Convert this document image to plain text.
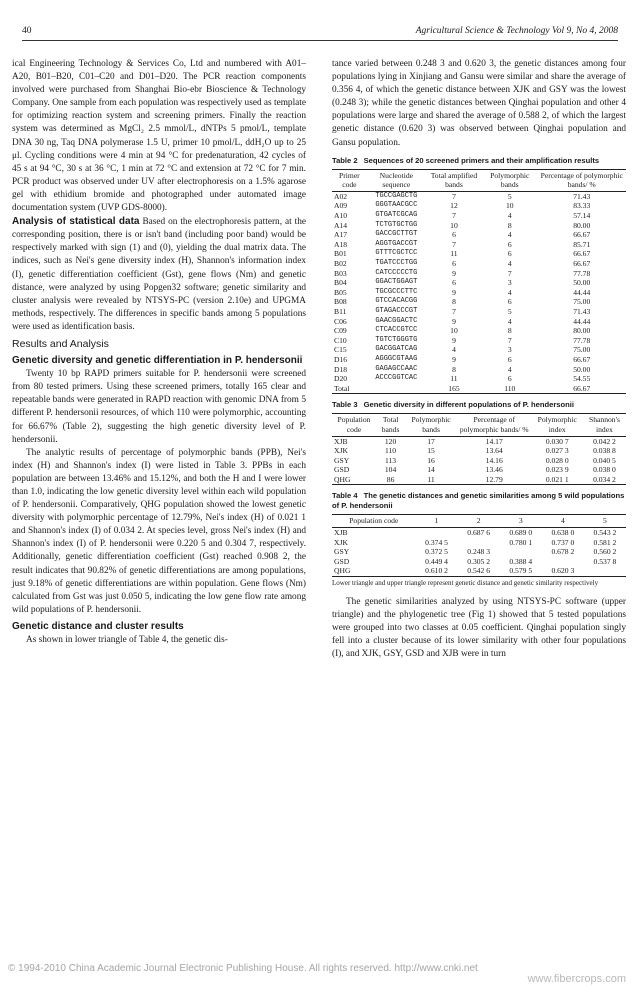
40	Agricultural Science & Technology Vol 9, No 4, 2008

ical Engineering Technology & Services Co, Ltd and numbered with A01–A20, B01–B20, C01–C20 and D01–D20. The PCR reaction components involved were purchased from Shanghai Bio-ebr Bioscience & Technology Company. One sample from each population was respectively used as template for optimizing reaction system and screening primers. Finally the reaction system was determined as MgCl₂ 2.5 mmol/L, dNTPs 5 pmol/L, template DNA 30 ng, Taq DNA polymerase 1.5 U, primer 10 pmol/L, ddH₂O up to 25 μl. Cycling conditions were 4 min at 94 °C for predenaturation, 42 cycles of 45 s at 94 °C, 30 s at 36 °C, 1 min at 72 °C and extension at 72 °C for 7 min. PCR product was observed under UV after electrophoresis on a 1.5% agarose gel with ethidium bromide and photographed under automated image documentation system (UVP GDS-8000).

Analysis of statistical data Based on the electrophoresis pattern, at the corresponding position, there is or isn't band (including poor band) would be respectively marked with sign (1) and (0), yielding the dual matrix data. The indices, such as Nei's gene diversity index (H), Shannon's information index (I), genetic differentiation coefficient (Gst), gene flows (Nm) and genetic distance, were analyzed by using Popgen32 software; genetic similarity and cluster analysis were revealed by NTSYS-PC (version 2.10e) and UPGMA methods, respectively. The differences in specific bands among 5 populations were used as identification basis.

Results and Analysis
Genetic diversity and genetic differentiation in P. hendersonii

Twenty 10 bp RAPD primers suitable for P. hendersonii were screened from 80 tested primers. Using these screened primers, totally 165 clear and repeatable bands were generated in RAPD reaction with genomic DNA from 5 different P. hendersonii resources, of which 110 were polymorphic, accounting for 66.67% (Table 2), suggesting the high genetic diversity level of P. hendersonii.

The analytic results of percentage of polymorphic bands (PPB), Nei's index (H) and Shannon's index (I) were listed in Table 3. PPBs in each population are between 13.46% and 15.12%, and both the H and I were lower than 1.0, indicating the low genetic diversity level within each wild population of P. hendersonii. Comparatively, QHG population showed the lowest genetic diversity with polymorphic percentage of 12.79%, Nei's index (H) of 0.021 1 and Shannon's index (I) of 0.034 2. At species level, gross Nei's index (H) and Shannon's index (I) of P. hendersonii were 0.220 5 and 0.304 7, respectively. Additionally, genetic differentiation coefficient (Gst) reached 0.908 2, the result indicates that 90.82% of genetic differentiations are among populations, just 9.18% of genetic differentiations are within population. Gene flows (Nm) calculated from Gst was just 0.050 5, indicating the low gene flow rate among wild populations of P. hendersonii.

Genetic distance and cluster results

As shown in lower triangle of Table 4, the genetic dis-

tance varied between 0.248 3 and 0.620 3, the genetic distances among four populations lying in Xinjiang and Gansu were similar and share the average of 0.356 4, of which the genetic distance between XJK and GSY was the lowest (0.248 3); while the genetic distances between Qinghai population and other 4 populations were large and shared the average of 0.588 2, of which the largest genetic distance (0.620 3) was observed between Qinghai population and Gansu population.

Table 2 Sequences of 20 screened primers and their amplification results
Primer code	Nucleotide sequence	Total amplified bands	Polymorphic bands	Percentage of polymorphic bands/ %
A02	TGCCGAGCTG	7	5	71.43
A09	GGGTAACGCC	12	10	83.33
A10	GTGATCGCAG	7	4	57.14
A14	TCTGTGCTGG	10	8	80.00
A17	GACCGCTTGT	6	4	66.67
A18	AGGTGACCGT	7	6	85.71
B01	GTTTCGCTCC	11	6	66.67
B02	TGATCCCTGG	6	4	66.67
B03	CATCCCCCTG	9	7	77.78
B04	GGACTGGAGT	6	3	50.00
B05	TGCGCCCTTC	9	4	44.44
B08	GTCCACACGG	8	6	75.00
B11	GTAGACCCGT	7	5	71.43
C06	GAACGGACTC	9	4	44.44
C09	CTCACCGTCC	10	8	80.00
C10	TGTCTGGGTG	9	7	77.78
C15	GACGGATCAG	4	3	75.00
D16	AGGGCGTAAG	9	6	66.67
D18	GAGAGCCAAC	8	4	50.00
D20	ACCCGGTCAC	11	6	54.55
Total		165	110	66.67
Table 3 Genetic diversity in different populations of P. hendersonii
Population code	Total bands	Polymorphic bands	Percentage of polymorphic bands/ %	Polymorphic index	Shannon's index
XJB	120	17	14.17	0.030 7	0.042 2
XJK	110	15	13.64	0.027 3	0.038 8
GSY	113	16	14.16	0.028 0	0.040 5
GSD	104	14	13.46	0.023 9	0.038 0
QHG	86	11	12.79	0.021 1	0.034 2
Table 4 The genetic distances and genetic similarities among 5 wild populations of P. hendersonii
Population code	1	2	3	4	5
XJB		0.687 6	0.689 0	0.638 0	0.543 2
XJK	0.374 5		0.780 1	0.737 0	0.581 2
GSY	0.372 5	0.248 3		0.678 2	0.560 2
GSD	0.449 4	0.305 2	0.388 4		0.537 8
QHG	0.610 2	0.542 6	0.579 5	0.620 3	
Lower triangle and upper triangle represent genetic distance and genetic similarity respectively

The genetic similarities analyzed by using NTSYS-PC software (upper triangle) and the phylogenetic tree (Fig 1) showed that 5 tested populations were grouped into two classes at 0.05 coefficient. Qinghai population singly fell into a cluster because of its lower similarity with other four populations (I), and XJK, GSY, GSD and XJB were in turn

© 1994-2010 China Academic Journal Electronic Publishing House. All rights reserved. http://www.cnki.net
www.fibercrops.com
